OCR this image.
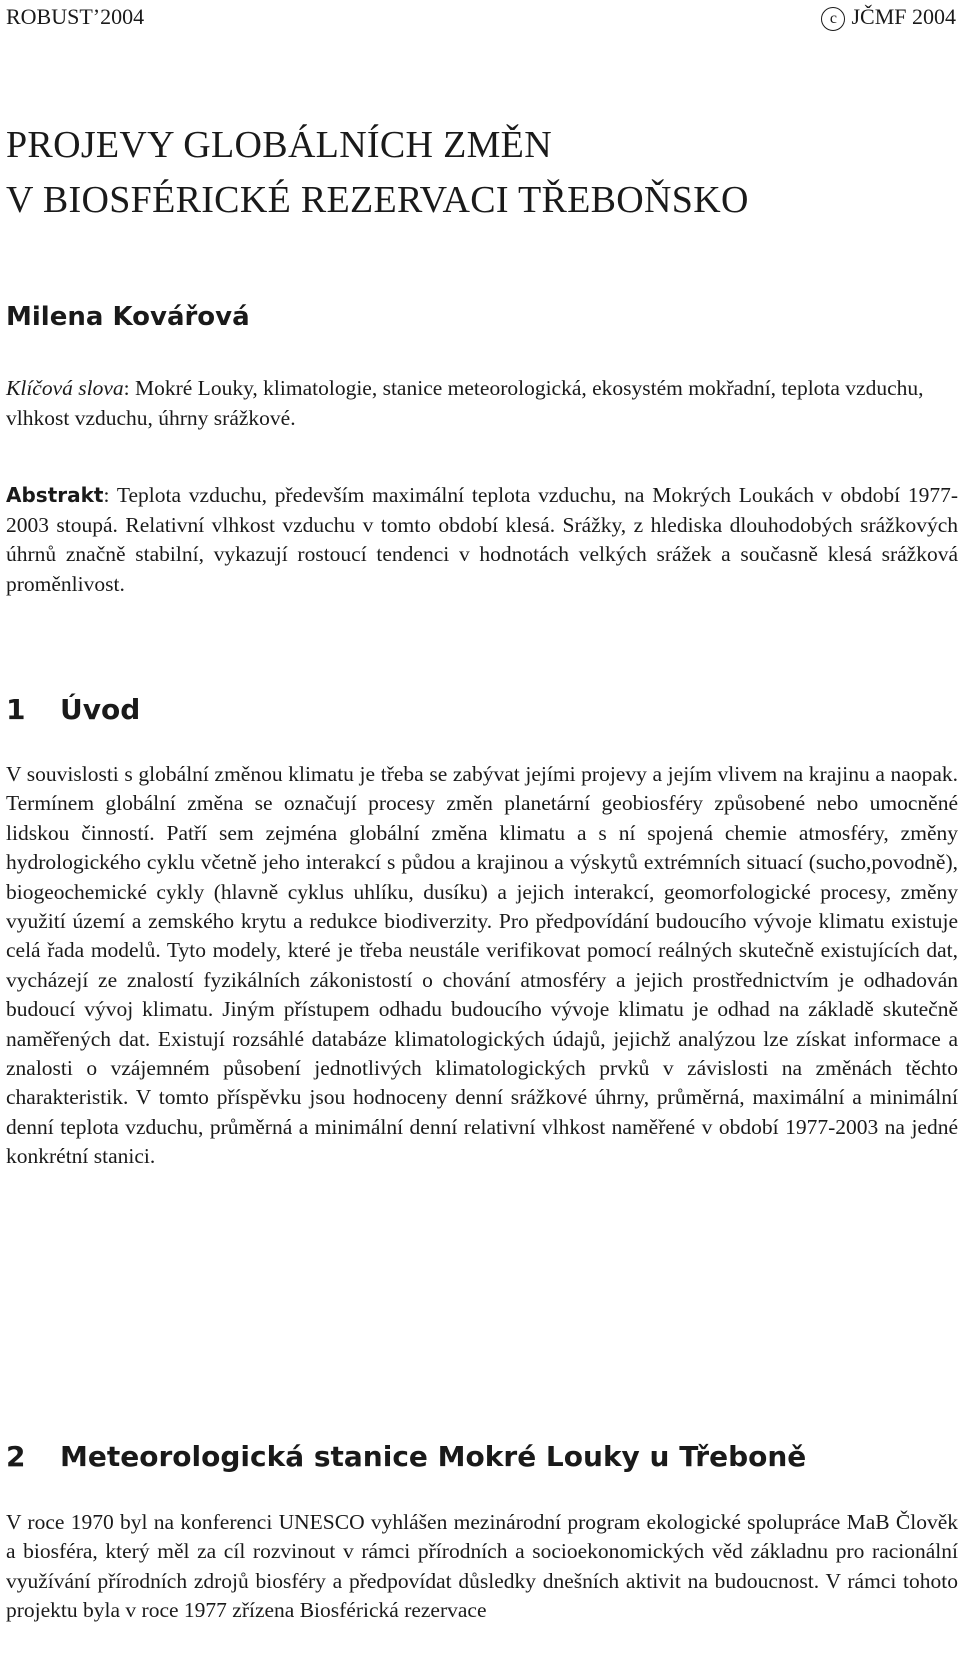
ROBUST’2004	c JČMF 2004
PROJEVY GLOBÁLNÍCH ZMĚN
V BIOSFÉRICKÉ REZERVACI TŘEBOŇSKO
Milena Kovářová

Klíčová slova: Mokré Louky, klimatologie, stanice meteorologická, ekosystém mokřadní, teplota vzduchu, vlhkost vzduchu, úhrny srážkové.

Abstrakt: Teplota vzduchu, především maximální teplota vzduchu, na Mokrých Loukách v období 1977-2003 stoupá. Relativní vlhkost vzduchu v tomto období klesá. Srážky, z hlediska dlouhodobých srážkových úhrnů značně stabilní, vykazují rostoucí tendenci v hodnotách velkých srážek a současně klesá srážková proměnlivost.

1 Úvod

V souvislosti s globální změnou klimatu je třeba se zabývat jejími projevy a jejím vlivem na krajinu a naopak. Termínem globální změna se označují procesy změn planetární geobiosféry způsobené nebo umocněné lidskou činností. Patří sem zejména globální změna klimatu a s ní spojená chemie atmosféry, změny hydrologického cyklu včetně jeho interakcí s půdou a krajinou a výskytů extrémních situací (sucho,povodně), biogeochemické cykly (hlavně cyklus uhlíku, dusíku) a jejich interakcí, geomorfologické procesy, změny využití území a zemského krytu a redukce biodiverzity. Pro předpovídání budoucího vývoje klimatu existuje celá řada modelů. Tyto modely, které je třeba neustále verifikovat pomocí reálných skutečně existujících dat, vycházejí ze znalostí fyzikálních zákonistostí o chování atmosféry a jejich prostřednictvím je odhadován budoucí vývoj klimatu. Jiným přístupem odhadu budoucího vývoje klimatu je odhad na základě skutečně naměřených dat. Existují rozsáhlé databáze klimatologických údajů, jejichž analýzou lze získat informace a znalosti o vzájemném působení jednotlivých klimatologických prvků v závislosti na změnách těchto charakteristik. V tomto příspěvku jsou hodnoceny denní srážkové úhrny, průměrná, maximální a minimální denní teplota vzduchu, průměrná a minimální denní relativní vlhkost naměřené v období 1977-2003 na jedné konkrétní stanici.

2 Meteorologická stanice Mokré Louky u Třeboně

V roce 1970 byl na konferenci UNESCO vyhlášen mezinárodní program ekologické spolupráce MaB Člověk a biosféra, který měl za cíl rozvinout v rámci přírodních a socioekonomických věd základnu pro racionální využívání přírodních zdrojů biosféry a předpovídat důsledky dnešních aktivit na budoucnost. V rámci tohoto projektu byla v roce 1977 zřízena Biosférická rezervace
